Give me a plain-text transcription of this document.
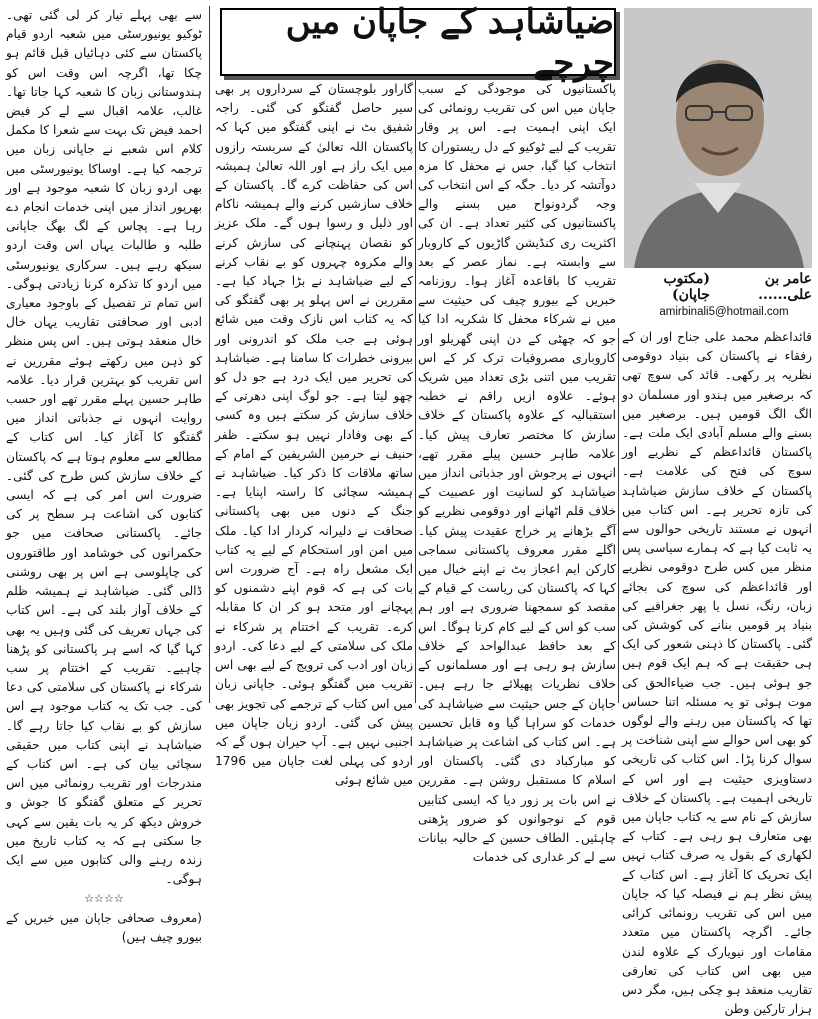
ضیاشاہد کے جاپان میں چرچے
عامر بن علی......
(مکتوب جاپان)
amirbinali5@hotmail.com

قائداعظم محمد علی جناح اور ان کے رفقاء نے پاکستان کی بنیاد دوقومی نظریہ پر رکھی۔ قائد کی سوچ تھی کہ برصغیر میں ہندو اور مسلمان دو الگ الگ قومیں ہیں۔ برصغیر میں بسنے والے مسلم آبادی ایک ملت ہے۔ پاکستان قائداعظم کے نظریے اور سوچ کی فتح کی علامت ہے۔ پاکستان کے خلاف سازش ضیاشاہد کی تازہ تحریر ہے۔ اس کتاب میں انہوں نے مستند تاریخی حوالوں سے یہ ثابت کیا ہے کہ ہمارے سیاسی پس منظر میں کس طرح دوقومی نظریے اور قائداعظم کی سوچ کی بجائے زبان، رنگ، نسل یا پھر جغرافیے کی بنیاد پر قومیں بنانے کی کوشش کی گئی۔ پاکستان کا ذہنی شعور کی ایک ہی حقیقت ہے کہ ہم ایک قوم ہیں جو ہوئی ہیں۔ جب ضیاءالحق کی موت ہوئی تو یہ مسئلہ اتنا حساس تھا کہ پاکستان میں رہنے والے لوگوں کو بھی اس حوالے سے اپنی شناخت پر سوال کرنا پڑا۔ اس کتاب کی تاریخی دستاویزی حیثیت ہے اور اس کے تاریخی اہمیت ہے۔ پاکستان کے خلاف سازش کے نام سے یہ کتاب جاپان میں بھی متعارف ہو رہی ہے۔ کتاب کے لکھاری کے بقول یہ صرف کتاب نہیں ایک تحریک کا آغاز ہے۔ اس کتاب کے پیش نظر ہم نے فیصلہ کیا کہ جاپان میں اس کی تقریب رونمائی کرائی جائے۔ اگرچہ پاکستان میں متعدد مقامات اور نیویارک کے علاوہ لندن میں بھی اس کتاب کی تعارفی تقاریب منعقد ہو چکی ہیں، مگر دس ہزار تارکین وطن

پاکستانیوں کی موجودگی کے سبب جاپان میں اس کی تقریب رونمائی کی ایک اپنی اہمیت ہے۔ اس پر وقار تقریب کے لیے ٹوکیو کے دل ریستوران کا انتخاب کیا گیا، جس نے محفل کا مزہ دوآتشہ کر دیا۔ جگہ کے اس انتخاب کی وجہ گردونواح میں بسنے والے پاکستانیوں کی کثیر تعداد ہے۔ ان کی اکثریت ری کنڈیشن گاڑیوں کے کاروبار سے وابستہ ہے۔ نماز عصر کے بعد تقریب کا باقاعدہ آغاز ہوا۔ روزنامہ خبریں کے بیورو چیف کی حیثیت سے میں نے شرکاء محفل کا شکریہ ادا کیا جو کہ چھٹی کے دن اپنی گھریلو اور کاروباری مصروفیات ترک کر کے اس تقریب میں اتنی بڑی تعداد میں شریک ہوئے۔ علاوہ ازیں راقم نے خطبہ استقبالیہ کے علاوہ پاکستان کے خلاف سازش کا مختصر تعارف پیش کیا۔ علامہ طاہر حسین پیلے مقرر تھے، انہوں نے پرجوش اور جذباتی انداز میں ضیاشاہد کو لسانیت اور عصبیت کے خلاف قلم اٹھانے اور دوقومی نظریے کو آگے بڑھانے پر خراج عقیدت پیش کیا۔ اگلے مقرر معروف پاکستانی سماجی کارکن ایم اعجاز بٹ نے اپنے خیال میں کہا کہ پاکستان کی ریاست کے قیام کے مقصد کو سمجھنا ضروری ہے اور ہم سب کو اس کے لیے کام کرنا ہوگا۔ اس کے بعد حافظ عبدالواحد کے خلاف سازش ہو رہی ہے اور مسلمانوں کے خلاف نظریات پھیلائے جا رہے ہیں۔ جاپان کے جس حیثیت سے ضیاشاہد کی خدمات کو سراہا گیا وہ قابل تحسین ہے۔ اس کتاب کی اشاعت پر ضیاشاہد کو مبارکباد دی گئی۔ پاکستان اور اسلام کا مستقبل روشن ہے۔ مقررین نے اس بات پر زور دیا کہ ایسی کتابیں قوم کے نوجوانوں کو ضرور پڑھنی چاہئیں۔ الطاف حسین کے حالیہ بیانات سے لے کر غداری کی خدمات

گاراور بلوچستان کے سرداروں پر بھی سیر حاصل گفتگو کی گئی۔ راجہ شفیق بٹ نے اپنی گفتگو میں کہا کہ پاکستان اللہ تعالیٰ کے سربستہ رازوں میں ایک راز ہے اور اللہ تعالیٰ ہمیشہ اس کی حفاظت کرے گا۔ پاکستان کے خلاف سازشیں کرنے والے ہمیشہ ناکام اور ذلیل و رسوا ہوں گے۔ ملک عزیز کو نقصان پہنچانے کی سازش کرنے والے مکروہ چہروں کو بے نقاب کرنے کے لیے ضیاشاہد نے بڑا جہاد کیا ہے۔ مقررین نے اس پہلو پر بھی گفتگو کی کہ یہ کتاب اس نازک وقت میں شائع ہوئی ہے جب ملک کو اندرونی اور بیرونی خطرات کا سامنا ہے۔ ضیاشاہد کی تحریر میں ایک درد ہے جو دل کو چھو لیتا ہے۔ جو لوگ اپنی دھرتی کے خلاف سازش کر سکتے ہیں وہ کسی کے بھی وفادار نہیں ہو سکتے۔ ظفر حنیف نے حرمین الشریفین کے امام کے ساتھ ملاقات کا ذکر کیا۔ ضیاشاہد نے ہمیشہ سچائی کا راستہ اپنایا ہے۔ جنگ کے دنوں میں بھی پاکستانی صحافت نے دلیرانہ کردار ادا کیا۔ ملک میں امن اور استحکام کے لیے یہ کتاب ایک مشعل راہ ہے۔ آج ضرورت اس بات کی ہے کہ قوم اپنے دشمنوں کو پہچانے اور متحد ہو کر ان کا مقابلہ کرے۔ تقریب کے اختتام پر شرکاء نے ملک کی سلامتی کے لیے دعا کی۔ اردو زبان اور ادب کی ترویج کے لیے بھی اس تقریب میں گفتگو ہوئی۔ جاپانی زبان میں اس کتاب کے ترجمے کی تجویز بھی پیش کی گئی۔ اردو زبان جاپان میں اجنبی نہیں ہے۔ آپ حیران ہوں گے کہ اردو کی پہلی لغت جاپان میں 1796 میں شائع ہوئی

سے بھی پہلے تیار کر لی گئی تھی۔ ٹوکیو یونیورسٹی میں شعبہ اردو قیام پاکستان سے کئی دہائیاں قبل قائم ہو چکا تھا، اگرچہ اس وقت اس کو ہندوستانی زبان کا شعبہ کہا جاتا تھا۔ غالب، علامہ اقبال سے لے کر فیض احمد فیض تک بہت سے شعرا کا مکمل کلام اس شعبے نے جاپانی زبان میں ترجمہ کیا ہے۔ اوساکا یونیورسٹی میں بھی اردو زبان کا شعبہ موجود ہے اور بھرپور انداز میں اپنی خدمات انجام دے رہا ہے۔ پچاس کے لگ بھگ جاپانی طلبہ و طالبات یہاں اس وقت اردو سیکھ رہے ہیں۔ سرکاری یونیورسٹی میں اردو کا تذکرہ کرنا زیادتی ہوگی۔ اس تمام تر تفصیل کے باوجود معیاری ادبی اور صحافتی تقاریب یہاں خال خال منعقد ہوتی ہیں۔ اس پس منظر کو ذہن میں رکھتے ہوئے مقررین نے اس تقریب کو بہترین قرار دیا۔ علامہ طاہر حسین پہلے مقرر تھے اور حسب روایت انہوں نے جذباتی انداز میں گفتگو کا آغاز کیا۔ اس کتاب کے مطالعے سے معلوم ہوتا ہے کہ پاکستان کے خلاف سازش کس طرح کی گئی۔ ضرورت اس امر کی ہے کہ ایسی کتابوں کی اشاعت ہر سطح پر کی جائے۔ پاکستانی صحافت میں جو حکمرانوں کی خوشامد اور طاقتوروں کی چاپلوسی ہے اس پر بھی روشنی ڈالی گئی۔ ضیاشاہد نے ہمیشہ ظلم کے خلاف آواز بلند کی ہے۔ اس کتاب کی جہاں تعریف کی گئی وہیں یہ بھی کہا گیا کہ اسے ہر پاکستانی کو پڑھنا چاہیے۔ تقریب کے اختتام پر سب شرکاء نے پاکستان کی سلامتی کی دعا کی۔ جب تک یہ کتاب موجود ہے اس سازش کو بے نقاب کیا جاتا رہے گا۔ ضیاشاہد نے اپنی کتاب میں حقیقی سچائی بیان کی ہے۔ اس کتاب کے مندرجات اور تقریب رونمائی میں اس تحریر کے متعلق گفتگو کا جوش و خروش دیکھ کر یہ بات یقین سے کہی جا سکتی ہے کہ یہ کتاب تاریخ میں زندہ رہنے والی کتابوں میں سے ایک ہوگی۔

☆☆☆☆

(معروف صحافی جاپان میں خبریں کے بیورو چیف ہیں)
